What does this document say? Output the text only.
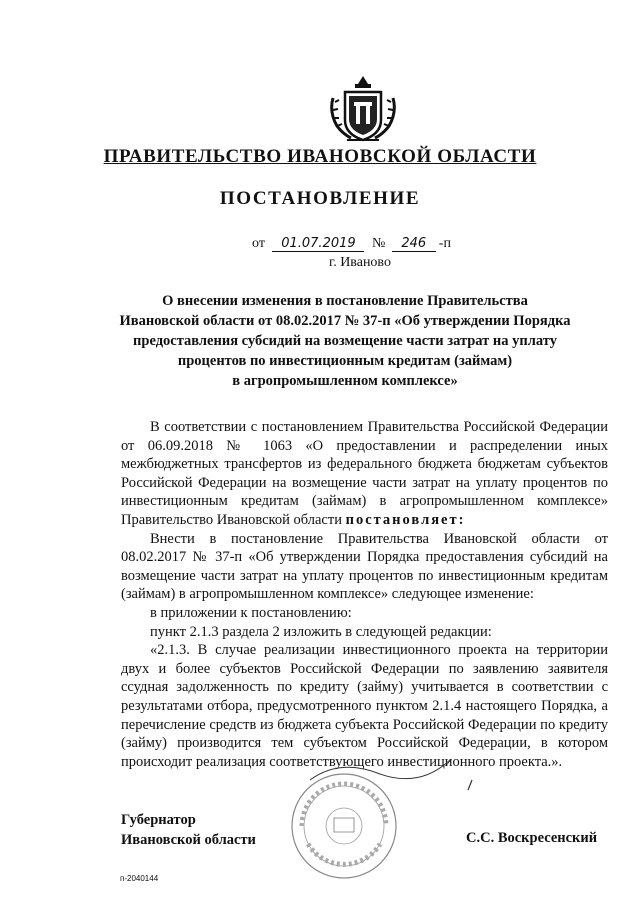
ПРАВИТЕЛЬСТВО ИВАНОВСКОЙ ОБЛАСТИ
ПОСТАНОВЛЕНИЕ
от 01.07.2019 № 246 -п
г. Иваново
О внесении изменения в постановление Правительства
Ивановской области от 08.02.2017 № 37-п «Об утверждении Порядка
предоставления субсидий на возмещение части затрат на уплату
процентов по инвестиционным кредитам (займам)
в агропромышленном комплексе»

В соответствии с постановлением Правительства Российской Федерации от 06.09.2018 № 1063 «О предоставлении и распределении иных межбюджетных трансфертов из федерального бюджета бюджетам субъектов Российской Федерации на возмещение части затрат на уплату процентов по инвестиционным кредитам (займам) в агропромышленном комплексе» Правительство Ивановской области постановляет:

Внести в постановление Правительства Ивановской области от 08.02.2017 № 37-п «Об утверждении Порядка предоставления субсидий на возмещение части затрат на уплату процентов по инвестиционным кредитам (займам) в агропромышленном комплексе» следующее изменение:

в приложении к постановлению:

пункт 2.1.3 раздела 2 изложить в следующей редакции:

«2.1.3. В случае реализации инвестиционного проекта на территории двух и более субъектов Российской Федерации по заявлению заявителя ссудная задолженность по кредиту (займу) учитывается в соответствии с результатами отбора, предусмотренного пунктом 2.1.4 настоящего Порядка, а перечисление средств из бюджета субъекта Российской Федерации по кредиту (займу) производится тем субъектом Российской Федерации, в котором происходит реализация соответствующего инвестиционного проекта.».

Губернатор
Ивановской области	С.С. Воскресенский
п-2040144
